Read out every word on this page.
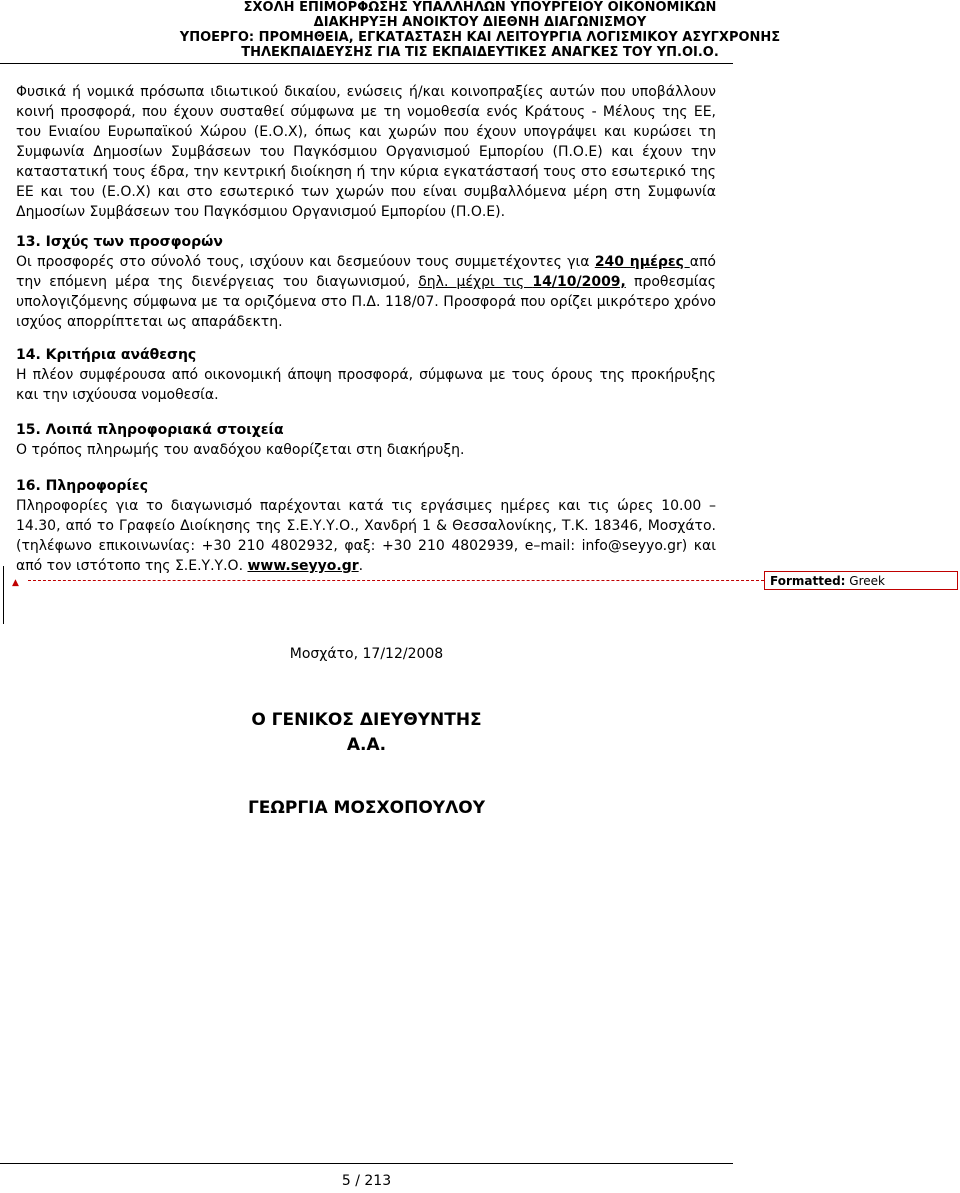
ΣΧΟΛΗ ΕΠΙΜΟΡΦΩΣΗΣ ΥΠΑΛΛΗΛΩΝ ΥΠΟΥΡΓΕΙΟΥ ΟΙΚΟΝΟΜΙΚΩΝ
ΔΙΑΚΗΡΥΞΗ ΑΝΟΙΚΤΟΥ ΔΙΕΘΝΗ ΔΙΑΓΩΝΙΣΜΟΥ
ΥΠΟΕΡΓΟ: ΠΡΟΜΗΘΕΙΑ, ΕΓΚΑΤΑΣΤΑΣΗ ΚΑΙ ΛΕΙΤΟΥΡΓΙΑ ΛΟΓΙΣΜΙΚΟΥ ΑΣΥΓΧΡΟΝΗΣ
ΤΗΛΕΚΠΑΙΔΕΥΣΗΣ ΓΙΑ ΤΙΣ ΕΚΠΑΙΔΕΥΤΙΚΕΣ ΑΝΑΓΚΕΣ ΤΟΥ ΥΠ.ΟΙ.Ο.
Φυσικά ή νομικά πρόσωπα ιδιωτικού δικαίου, ενώσεις ή/και κοινοπραξίες αυτών που υποβάλλουν κοινή προσφορά, που έχουν συσταθεί σύμφωνα με τη νομοθεσία ενός Κράτους - Μέλους της ΕΕ, του Ενιαίου Ευρωπαϊκού Χώρου (Ε.Ο.Χ), όπως και χωρών που έχουν υπογράψει και κυρώσει τη Συμφωνία Δημοσίων Συμβάσεων του Παγκόσμιου Οργανισμού Εμπορίου (Π.Ο.Ε) και έχουν την καταστατική τους έδρα, την κεντρική διοίκηση ή την κύρια εγκατάστασή τους στο εσωτερικό της ΕΕ και του (Ε.Ο.Χ) και στο εσωτερικό των χωρών που είναι συμβαλλόμενα μέρη στη Συμφωνία Δημοσίων Συμβάσεων του Παγκόσμιου Οργανισμού Εμπορίου (Π.Ο.Ε).
13. Ισχύς των προσφορών
Οι προσφορές στο σύνολό τους, ισχύουν και δεσμεύουν τους συμμετέχοντες για 240 ημέρες από την επόμενη μέρα της διενέργειας του διαγωνισμού, δηλ. μέχρι τις 14/10/2009, προθεσμίας υπολογιζόμενης σύμφωνα με τα οριζόμενα στο Π.Δ. 118/07. Προσφορά που ορίζει μικρότερο χρόνο ισχύος απορρίπτεται ως απαράδεκτη.
14. Κριτήρια ανάθεσης
Η πλέον συμφέρουσα από οικονομική άποψη προσφορά, σύμφωνα με τους όρους της προκήρυξης και την ισχύουσα νομοθεσία.
15. Λοιπά πληροφοριακά στοιχεία
Ο τρόπος πληρωμής του αναδόχου καθορίζεται στη διακήρυξη.
16. Πληροφορίες
Πληροφορίες για το διαγωνισμό παρέχονται κατά τις εργάσιμες ημέρες και τις ώρες 10.00 – 14.30, από το Γραφείο Διοίκησης της Σ.Ε.Υ.Υ.Ο., Χανδρή 1 & Θεσσαλονίκης, Τ.Κ. 18346, Μοσχάτο. (τηλέφωνο επικοινωνίας: +30 210 4802932, φαξ: +30 210 4802939, e–mail: info@seyyo.gr) και από τον ιστότοπο της Σ.Ε.Υ.Υ.Ο. www.seyyo.gr.
▲	Formatted: Greek
Μοσχάτο, 17/12/2008
Ο ΓΕΝΙΚΟΣ ΔΙΕΥΘΥΝΤΗΣ
Α.Α.
ΓΕΩΡΓΙΑ ΜΟΣΧΟΠΟΥΛΟΥ
5 / 213
